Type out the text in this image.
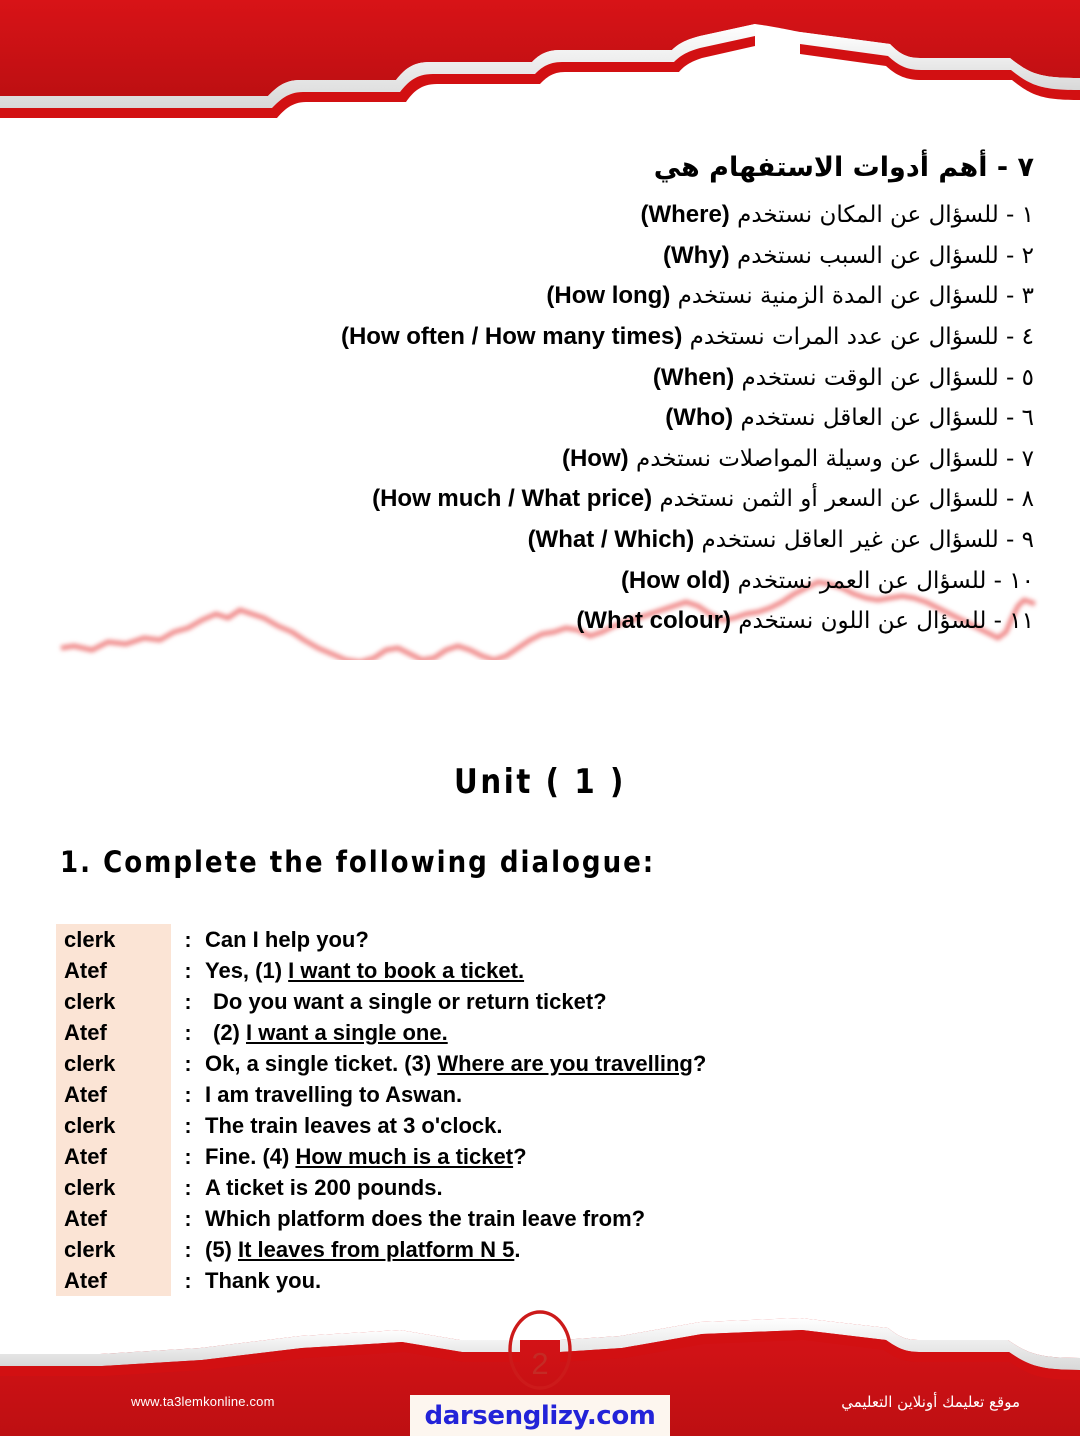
٧ - أهم أدوات الاستفهام هي
١ - للسؤال عن المكان نستخدم (Where)
٢ - للسؤال عن السبب نستخدم (Why)
٣ - للسؤال عن المدة الزمنية نستخدم (How long)
٤ - للسؤال عن عدد المرات نستخدم (How often / How many times)
٥ - للسؤال عن الوقت نستخدم (When)
٦ - للسؤال عن العاقل نستخدم (Who)
٧ - للسؤال عن وسيلة المواصلات نستخدم (How)
٨ - للسؤال عن السعر أو الثمن نستخدم (How much / What price)
٩ - للسؤال عن غير العاقل نستخدم (What / Which)
١٠ - للسؤال عن العمر نستخدم (How old)
١١ - للسؤال عن اللون نستخدم (What colour)
Unit ( 1 )
1. Complete the following dialogue:
clerk	: Can I help you?
Atef	: Yes, (1) I want to book a ticket.
clerk	: Do you want a single or return ticket?
Atef	: (2) I want a single one.
clerk	: Ok, a single ticket. (3) Where are you travelling?
Atef	: I am travelling to Aswan.
clerk	: The train leaves at 3 o'clock.
Atef	: Fine. (4) How much is a ticket?
clerk	: A ticket is 200 pounds.
Atef	: Which platform does the train leave from?
clerk	: (5) It leaves from platform N 5.
Atef	: Thank you.
2
www.ta3lemkonline.com	موقع تعليمك أونلاين التعليمي
darsenglizy.com
